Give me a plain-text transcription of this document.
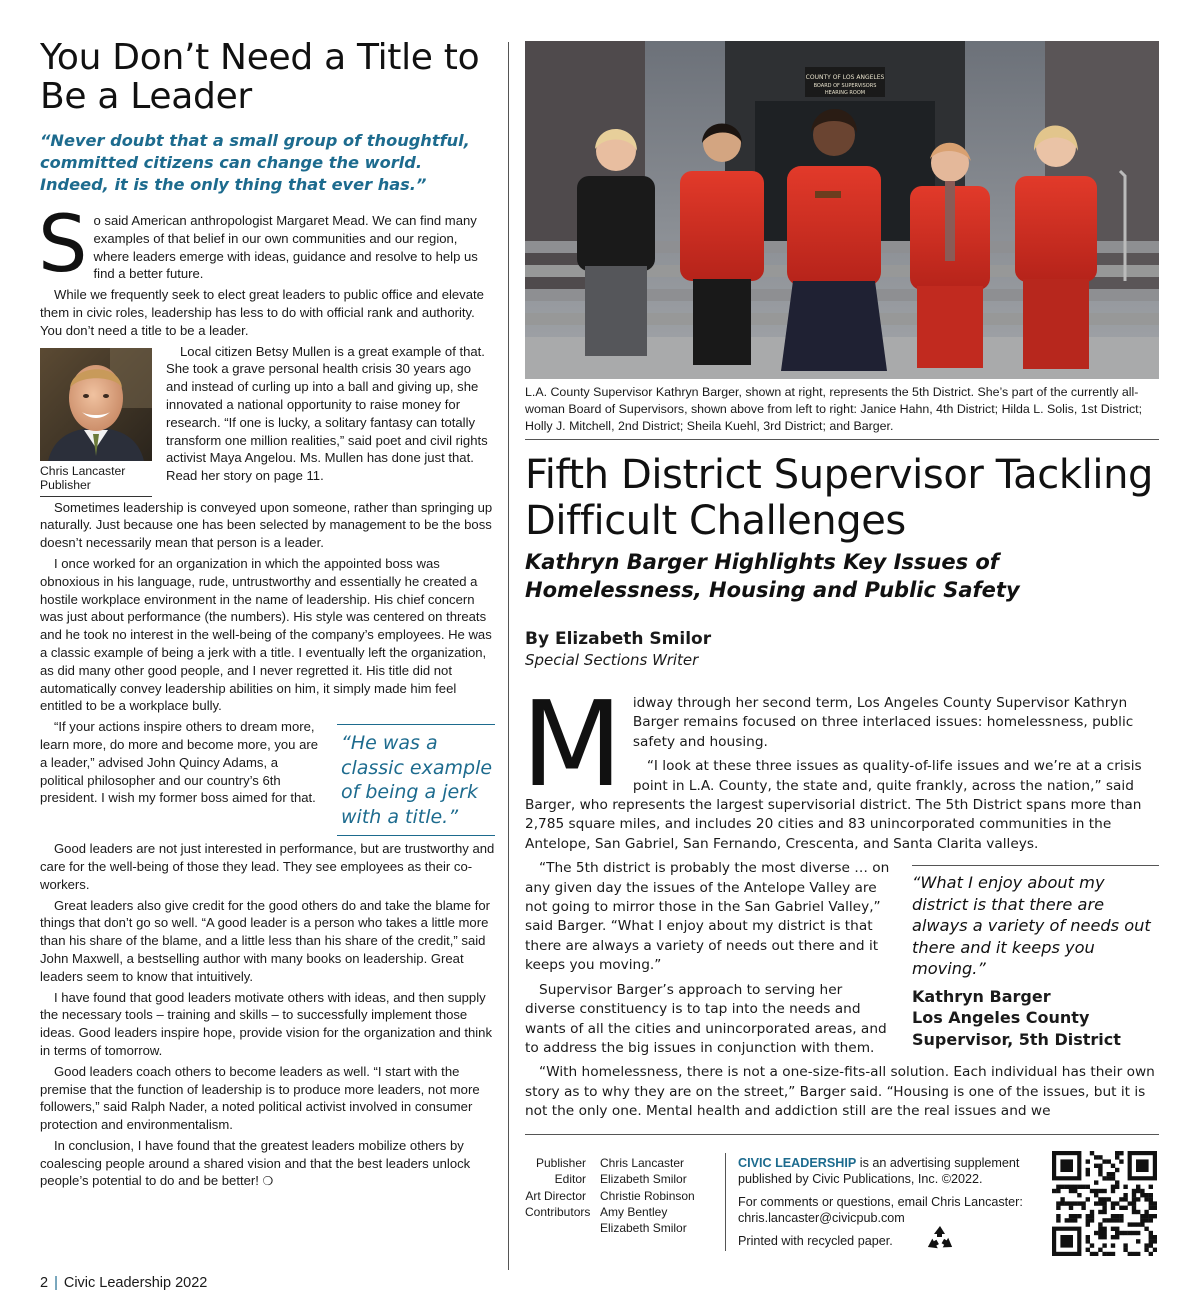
You Don’t Need a Title to Be a Leader
“Never doubt that a small group of thoughtful, committed citizens can change the world. Indeed, it is the only thing that ever has.”

So said American anthropologist Margaret Mead. We can find many examples of that belief in our own communities and our region, where leaders emerge with ideas, guidance and resolve to help us find a better future.

While we frequently seek to elect great leaders to public office and elevate them in civic roles, leadership has less to do with official rank and authority. You don’t need a title to be a leader.

Chris Lancaster
Publisher

Local citizen Betsy Mullen is a great example of that. She took a grave personal health crisis 30 years ago and instead of curling up into a ball and giving up, she innovated a national opportunity to raise money for research. “If one is lucky, a solitary fantasy can totally transform one million realities,” said poet and civil rights activist Maya Angelou. Ms. Mullen has done just that. Read her story on page 11.

Sometimes leadership is conveyed upon someone, rather than springing up naturally. Just because one has been selected by management to be the boss doesn’t necessarily mean that person is a leader.

I once worked for an organization in which the appointed boss was obnoxious in his language, rude, untrustworthy and essentially he created a hostile workplace environment in the name of leadership. His chief concern was just about performance (the numbers). His style was centered on threats and he took no interest in the well-being of the company’s employees. He was a classic example of being a jerk with a title. I eventually left the organization, as did many other good people, and I never regretted it. His title did not automatically convey leadership abilities on him, it simply made him feel entitled to be a workplace bully.

“He was a classic example of being a jerk with a title.”

“If your actions inspire others to dream more, learn more, do more and become more, you are a leader,” advised John Quincy Adams, a political philosopher and our country’s 6th president. I wish my former boss aimed for that.

Good leaders are not just interested in performance, but are trustworthy and care for the well-being of those they lead. They see employees as their co-workers.

Great leaders also give credit for the good others do and take the blame for things that don’t go so well. “A good leader is a person who takes a little more than his share of the blame, and a little less than his share of the credit,” said John Maxwell, a bestselling author with many books on leadership. Great leaders seem to know that intuitively.

I have found that good leaders motivate others with ideas, and then supply the necessary tools – training and skills – to successfully implement those ideas. Good leaders inspire hope, provide vision for the organization and think in terms of tomorrow.

Good leaders coach others to become leaders as well. “I start with the premise that the function of leadership is to produce more leaders, not more followers,” said Ralph Nader, a noted political activist involved in consumer protection and environmentalism.

In conclusion, I have found that the greatest leaders mobilize others by coalescing people around a shared vision and that the best leaders unlock people’s potential to do and be better! ❍

COUNTY OF LOS ANGELES
BOARD OF SUPERVISORS
HEARING ROOM
L.A. County Supervisor Kathryn Barger, shown at right, represents the 5th District. She’s part of the currently all-woman Board of Supervisors, shown above from left to right: Janice Hahn, 4th District; Hilda L. Solis, 1st District; Holly J. Mitchell, 2nd District; Sheila Kuehl, 3rd District; and Barger.
Fifth District Supervisor Tackling Difficult Challenges
Kathryn Barger Highlights Key Issues of Homelessness, Housing and Public Safety
By Elizabeth Smilor
Special Sections Writer

Midway through her second term, Los Angeles County Supervisor Kathryn Barger remains focused on three interlaced issues: homelessness, public safety and housing.

“I look at these three issues as quality-of-life issues and we’re at a crisis point in L.A. County, the state and, quite frankly, across the nation,” said Barger, who represents the largest supervisorial district. The 5th District spans more than 2,785 square miles, and includes 20 cities and 83 unincorporated communities in the Antelope, San Gabriel, San Fernando, Crescenta, and Santa Clarita valleys.

“What I enjoy about my district is that there are always a variety of needs out there and it keeps you moving.”
Kathryn Barger
Los Angeles County
Supervisor, 5th District

“The 5th district is probably the most diverse … on any given day the issues of the Antelope Valley are not going to mirror those in the San Gabriel Valley,” said Barger. “What I enjoy about my district is that there are always a variety of needs out there and it keeps you moving.”

Supervisor Barger’s approach to serving her diverse constituency is to tap into the needs and wants of all the cities and unincorporated areas, and to address the big issues in conjunction with them.

“With homelessness, there is not a one-size-fits-all solution. Each individual has their own story as to why they are on the street,” Barger said. “Housing is one of the issues, but it is not the only one. Mental health and addiction still are the real issues and we

Publisher	Chris Lancaster
Editor	Elizabeth Smilor
Art Director	Christie Robinson
Contributors Amy Bentley
Elizabeth Smilor

CIVIC LEADERSHIP is an advertising supplement published by Civic Publications, Inc. ©2022.

For comments or questions, email Chris Lancaster: chris.lancaster@civicpub.com

Printed with recycled paper.

2 | Civic Leadership 2022
